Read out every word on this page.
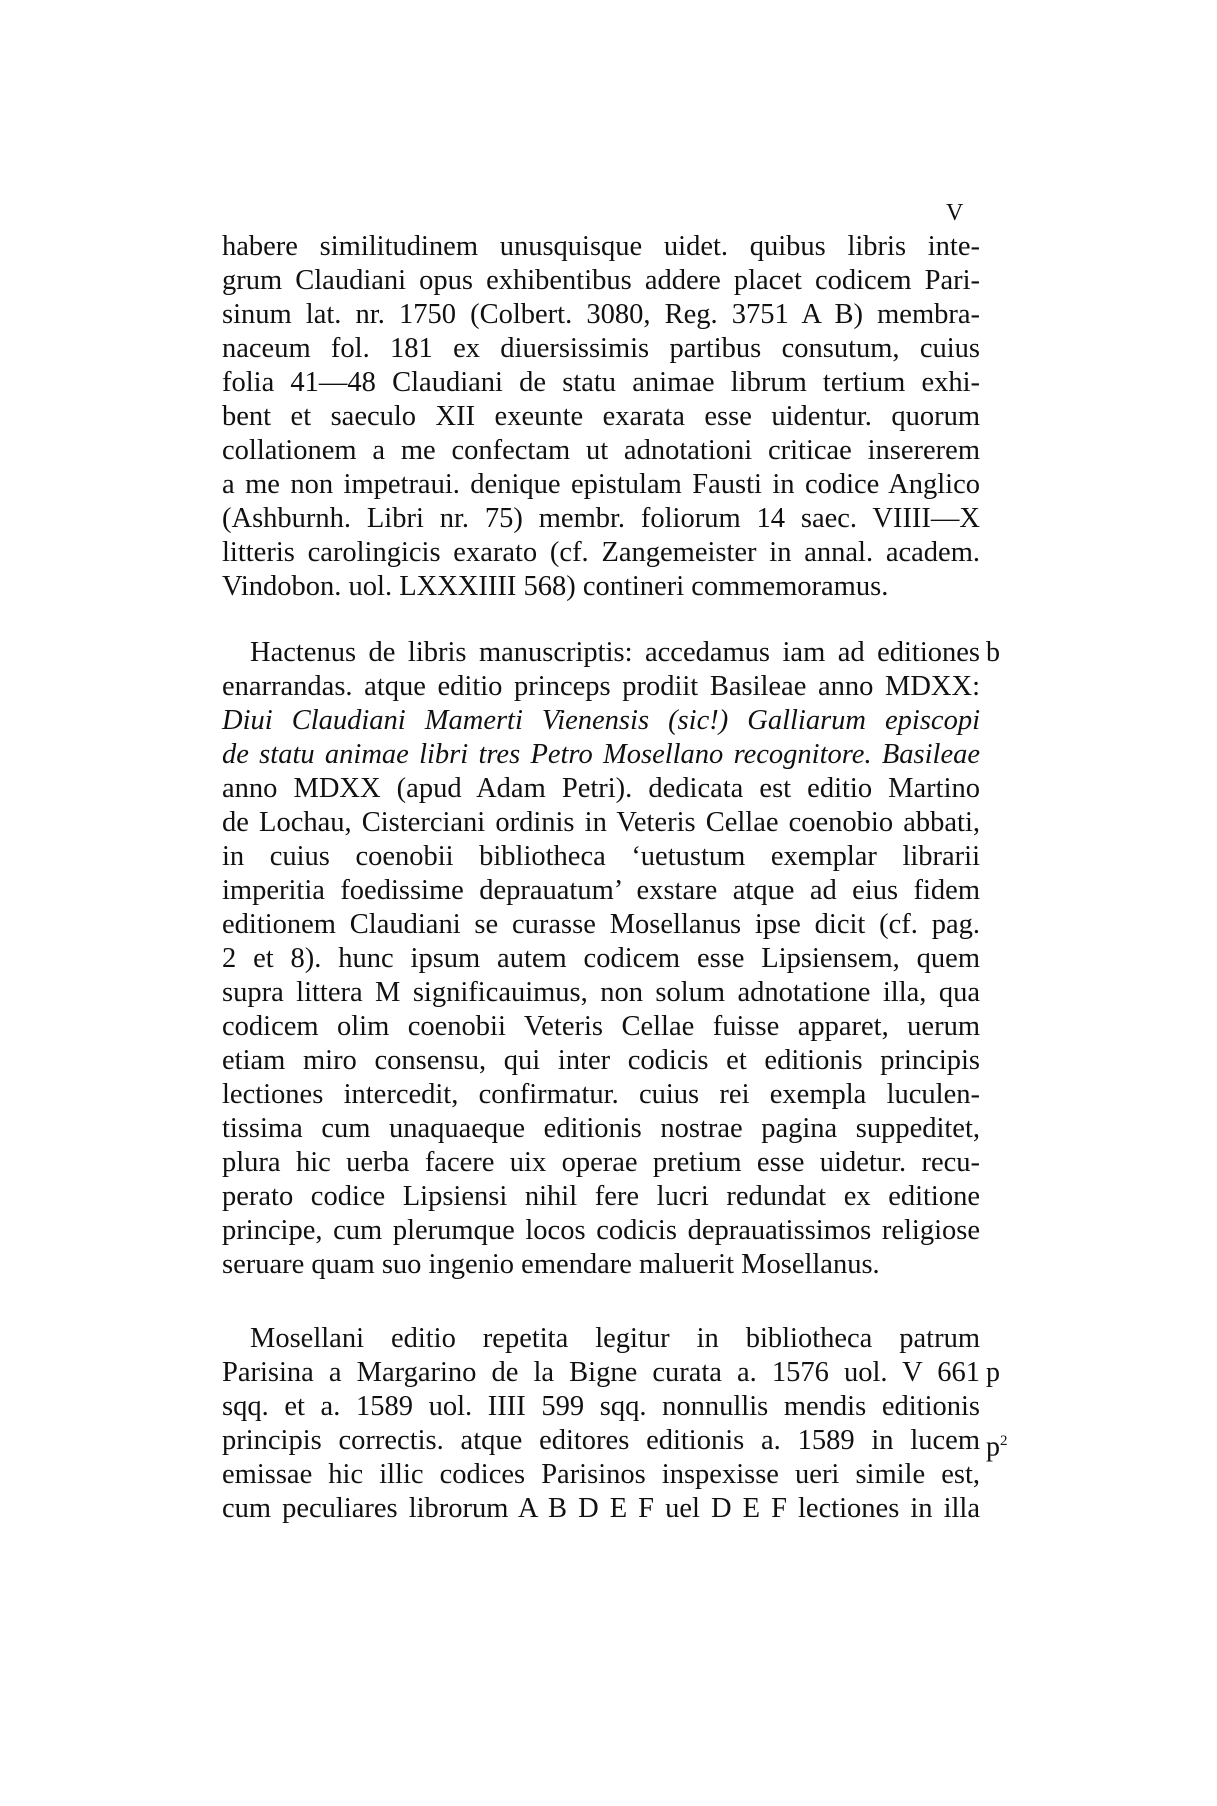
V
habere similitudinem unusquisque uidet. quibus libris inte-
grum Claudiani opus exhibentibus addere placet codicem Pari-
sinum lat. nr. 1750 (Colbert. 3080, Reg. 3751 A B) membra-
naceum fol. 181 ex diuersissimis partibus consutum, cuius
folia 41—48 Claudiani de statu animae librum tertium exhi-
bent et saeculo XII exeunte exarata esse uidentur. quorum
collationem a me confectam ut adnotationi criticae insererem
a me non impetraui. denique epistulam Fausti in codice Anglico
(Ashburnh. Libri nr. 75) membr. foliorum 14 saec. VIIII—X
litteris carolingicis exarato (cf. Zangemeister in annal. academ.
Vindobon. uol. LXXXIIII 568) contineri commemoramus.
Hactenus de libris manuscriptis: accedamus iam ad editiones
enarrandas. atque editio princeps prodiit Basileae anno MDXX:
Diui Claudiani Mamerti Vienensis (sic!) Galliarum episcopi
de statu animae libri tres Petro Mosellano recognitore. Basileae
anno MDXX (apud Adam Petri). dedicata est editio Martino
de Lochau, Cisterciani ordinis in Veteris Cellae coenobio abbati,
in cuius coenobii bibliotheca ‘uetustum exemplar librarii
imperitia foedissime deprauatum’ exstare atque ad eius fidem
editionem Claudiani se curasse Mosellanus ipse dicit (cf. pag.
2 et 8). hunc ipsum autem codicem esse Lipsiensem, quem
supra littera M significauimus, non solum adnotatione illa, qua
codicem olim coenobii Veteris Cellae fuisse apparet, uerum
etiam miro consensu, qui inter codicis et editionis principis
lectiones intercedit, confirmatur. cuius rei exempla luculen-
tissima cum unaquaeque editionis nostrae pagina suppeditet,
plura hic uerba facere uix operae pretium esse uidetur. recu-
perato codice Lipsiensi nihil fere lucri redundat ex editione
principe, cum plerumque locos codicis deprauatissimos religiose
seruare quam suo ingenio emendare maluerit Mosellanus.
Mosellani editio repetita legitur in bibliotheca patrum
Parisina a Margarino de la Bigne curata a. 1576 uol. V 661
sqq. et a. 1589 uol. IIII 599 sqq. nonnullis mendis editionis
principis correctis. atque editores editionis a. 1589 in lucem
emissae hic illic codices Parisinos inspexisse ueri simile est,
cum peculiares librorum A B D E F uel D E F lectiones in illa
b
p
$p^2$
